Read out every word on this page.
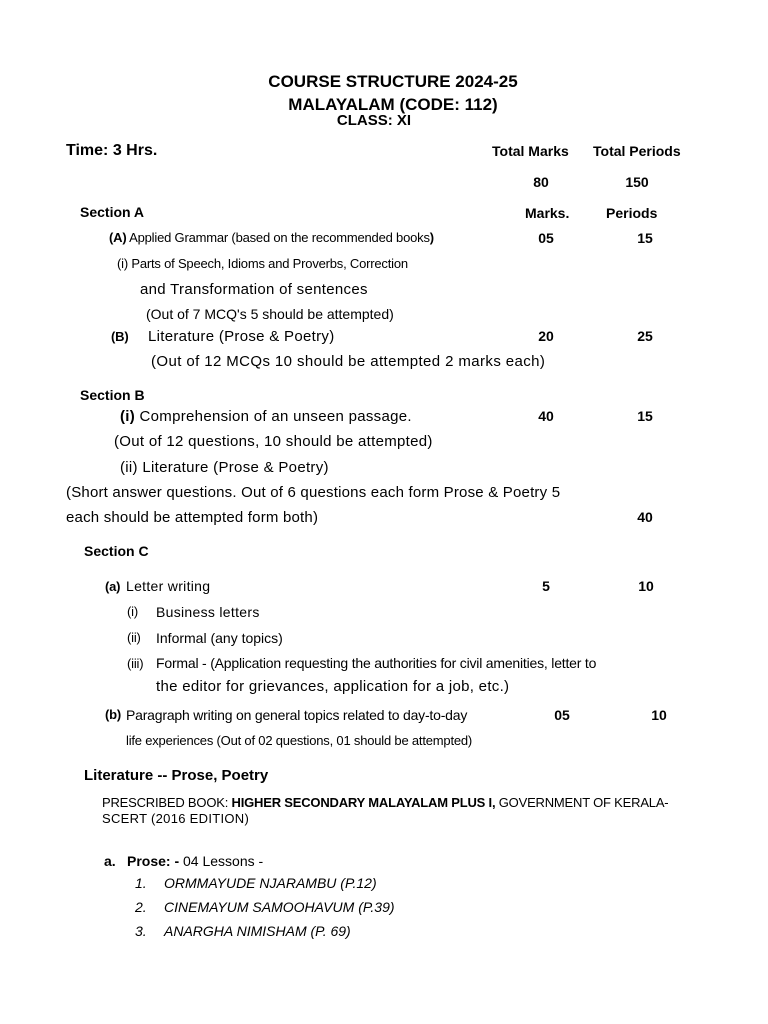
COURSE STRUCTURE 2024-25
MALAYALAM (CODE: 112)
CLASS: XI
Time: 3 Hrs.	Total Marks Total Periods
80	150
Section A	Marks.	Periods
(A) Applied Grammar (based on the recommended books)	05	15
(i) Parts of Speech, Idioms and Proverbs, Correction
and Transformation of sentences
(Out of 7 MCQ's 5 should be attempted)
(B) Literature (Prose & Poetry)	20	25
(Out of 12 MCQs 10 should be attempted 2 marks each)
Section B
(i) Comprehension of an unseen passage.	40	15
(Out of 12 questions, 10 should be attempted)
(ii) Literature (Prose & Poetry)
(Short answer questions. Out of 6 questions each form Prose & Poetry 5
each should be attempted form both)	40
Section C
(a) Letter writing	5	10
(i) Business letters
(ii) Informal (any topics)
(iii) Formal - (Application requesting the authorities for civil amenities, letter to
the editor for grievances, application for a job, etc.)
(b) Paragraph writing on general topics related to day-to-day	05	10
life experiences (Out of 02 questions, 01 should be attempted)
Literature -- Prose, Poetry
PRESCRIBED BOOK: HIGHER SECONDARY MALAYALAM PLUS I, GOVERNMENT OF KERALA-
SCERT (2016 EDITION)
a. Prose: - 04 Lessons -
1. ORMMAYUDE NJARAMBU (P.12)
2. CINEMAYUM SAMOOHAVUM (P.39)
3. ANARGHA NIMISHAM (P. 69)
